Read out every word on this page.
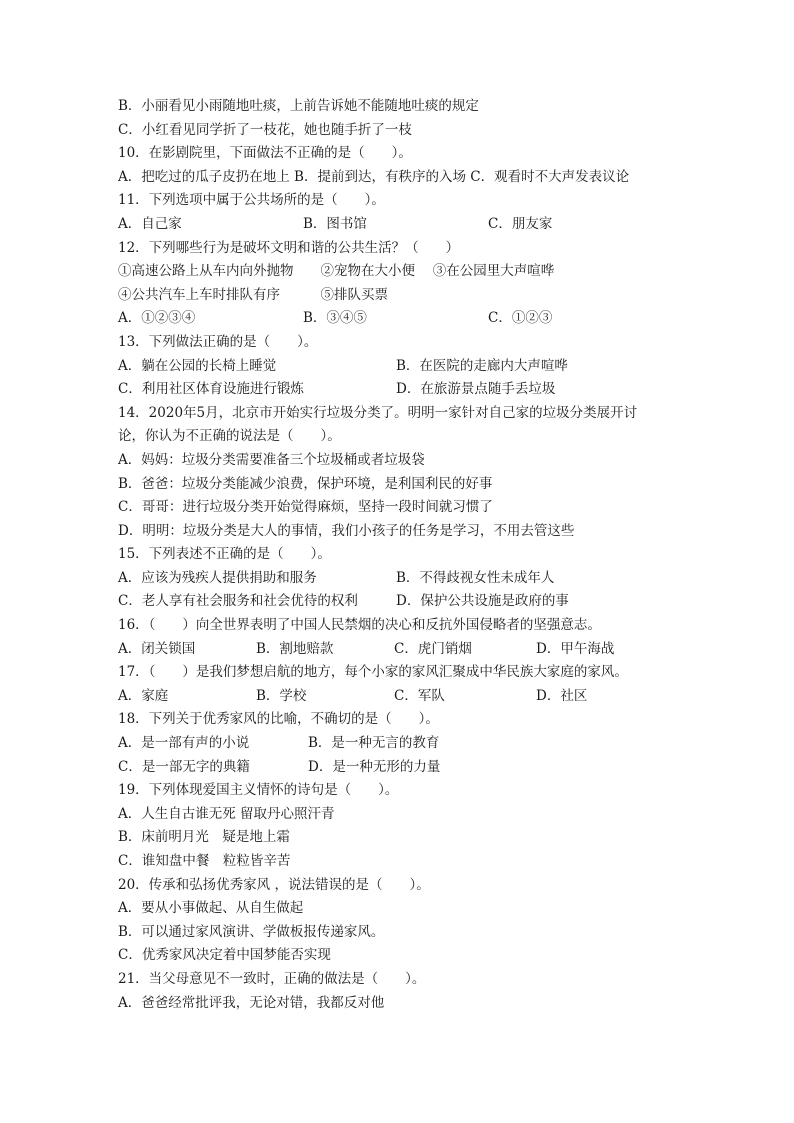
B．小丽看见小雨随地吐痰，上前告诉她不能随地吐痰的规定
C．小红看见同学折了一枝花，她也随手折了一枝
10．在影剧院里，下面做法不正确的是（　　）。
A．把吃过的瓜子皮扔在地上 B．提前到达，有秩序的入场 C．观看时不大声发表议论
11．下列选项中属于公共场所的是（　　）。
A．自己家	B．图书馆	C．朋友家
12．下列哪些行为是破坏文明和谐的公共生活？（　　）
①高速公路上从车内向外抛物　　②宠物在大小便　 ③在公园里大声喧哗
④公共汽车上车时排队有序　　　⑤排队买票
A．①②③④	B．③④⑤	C．①②③
13．下列做法正确的是（　　）。
A．躺在公园的长椅上睡觉	B．在医院的走廊内大声喧哗
C．利用社区体育设施进行锻炼	D．在旅游景点随手丢垃圾
14．2020年5月，北京市开始实行垃圾分类了。明明一家针对自己家的垃圾分类展开讨
论，你认为不正确的说法是（　　）。
A．妈妈：垃圾分类需要准备三个垃圾桶或者垃圾袋
B．爸爸：垃圾分类能减少浪费，保护环境，是利国利民的好事
C．哥哥：进行垃圾分类开始觉得麻烦，坚持一段时间就习惯了
D．明明：垃圾分类是大人的事情，我们小孩子的任务是学习，不用去管这些
15．下列表述不正确的是（　　）。
A．应该为残疾人提供捐助和服务	B．不得歧视女性未成年人
C．老人享有社会服务和社会优待的权利	D．保护公共设施是政府的事
16．（　　）向全世界表明了中国人民禁烟的决心和反抗外国侵略者的坚强意志。
A．闭关锁国	B．割地赔款	C．虎门销烟	D．甲午海战
17．（　　）是我们梦想启航的地方，每个小家的家风汇聚成中华民族大家庭的家风。
A．家庭	B．学校	C．军队	D．社区
18．下列关于优秀家风的比喻，不确切的是（　　）。
A．是一部有声的小说	B．是一种无言的教育
C．是一部无字的典籍	D．是一种无形的力量
19．下列体现爱国主义情怀的诗句是（　　）。
A．人生自古谁无死 留取丹心照汗青
B．床前明月光　疑是地上霜
C．谁知盘中餐　粒粒皆辛苦
20．传承和弘扬优秀家风 ，说法错误的是（　　）。
A．要从小事做起、从自生做起
B．可以通过家风演讲、学做板报传递家风。
C．优秀家风决定着中国梦能否实现
21．当父母意见不一致时，正确的做法是（　　）。
A．爸爸经常批评我，无论对错，我都反对他
